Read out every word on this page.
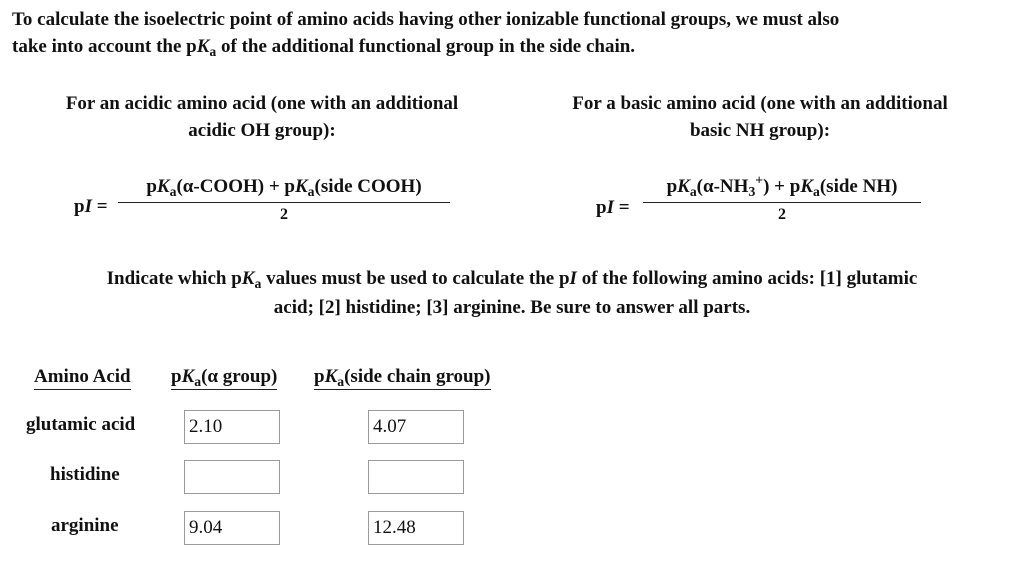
To calculate the isoelectric point of amino acids having other ionizable functional groups, we must also
take into account the $pK_a$ of the additional functional group in the side chain.
For an acidic amino acid (one with an additional
acidic OH group):
For a basic amino acid (one with an additional
basic NH group):
pI =
$pK_a(\alpha-COOH)$ + $pK_a(side$ COOH)
2	pI =
$pK_a(\alpha-NH_3^+)$ + $pK_a(side$ NH)
2
Indicate which $pK_a$ values must be used to calculate the pI of the following amino acids: [1] glutamic
acid; [2] histidine; [3] arginine. Be sure to answer all parts.
Amino Acid $pK_a(\alpha$ group) $pK_a(side$ chain group)
glutamic acid
2.10
4.07
histidine
arginine
9.04
12.48
